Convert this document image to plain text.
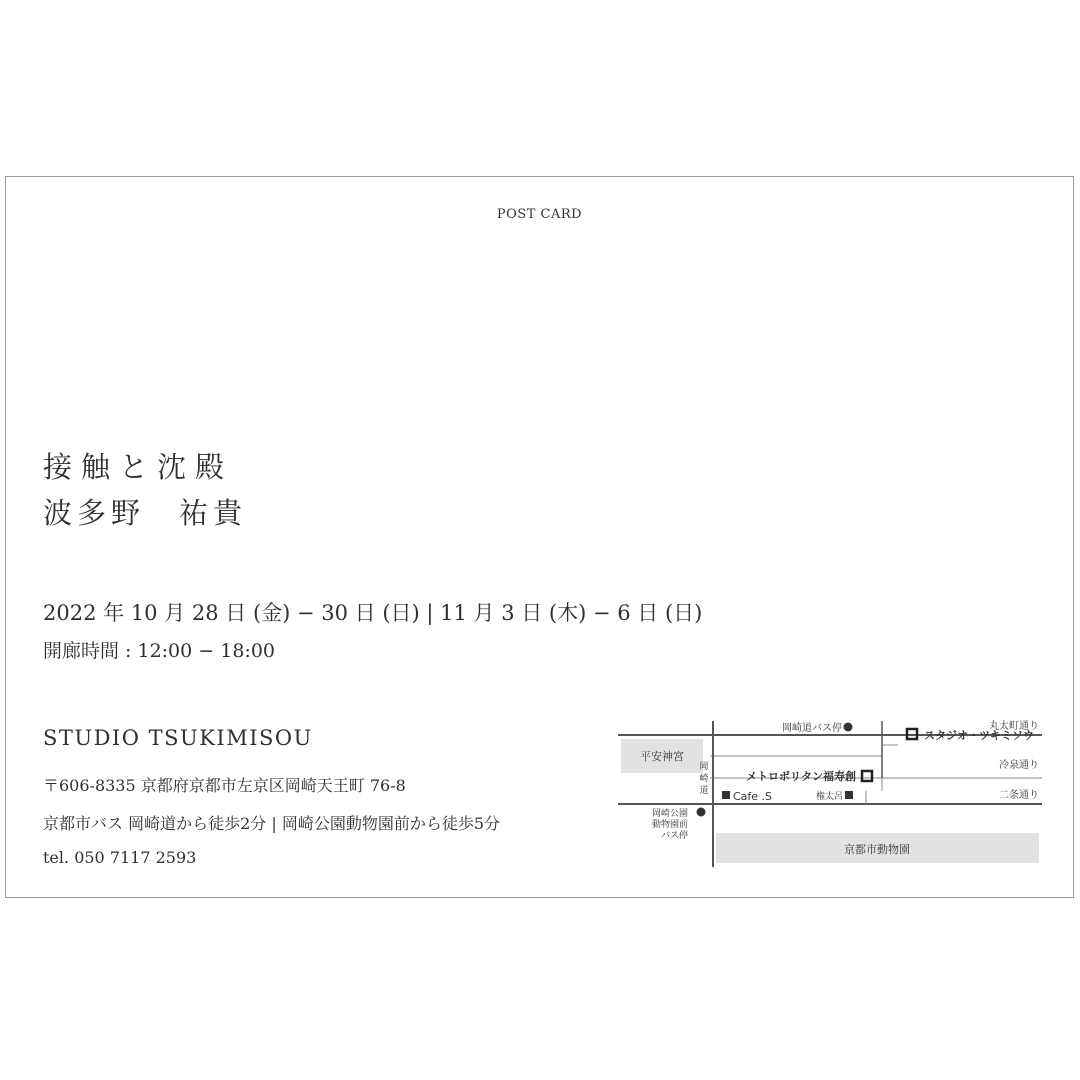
POST CARD
接触と沈殿
波多野　祐貴
2022 年 10 月 28 日 (金) − 30 日 (日) | 11 月 3 日 (木) − 6 日 (日)
開廊時間 : 12:00 − 18:00
STUDIO TSUKIMISOU
〒606-8335 京都府京都市左京区岡崎天王町 76-8
京都市バス 岡崎道から徒歩2分 | 岡崎公園動物園前から徒歩5分
tel. 050 7117 2593
岡崎道バス停	丸太町通り
平安神宮
スタジオ・ツキミソウ
冷泉通り
岡
崎
道
メトロポリタン福寿創
二条通り
Cafe .S	権太呂
岡崎公園
動物園前
バス停
京都市動物園
